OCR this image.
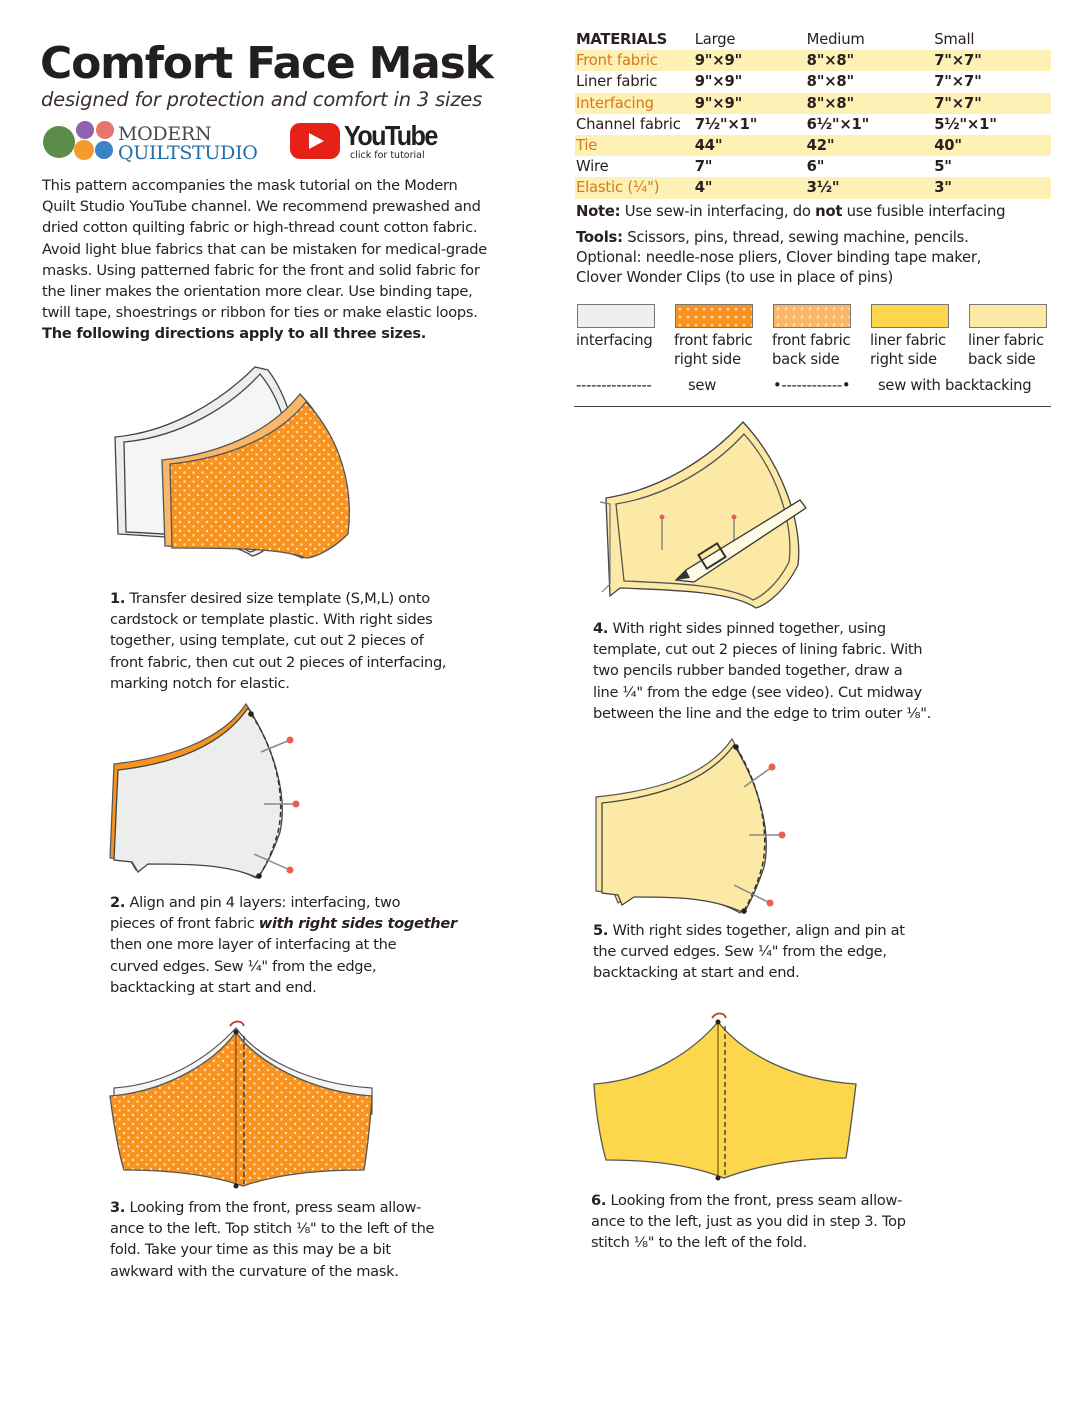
Comfort Face Mask
designed for protection and comfort in 3 sizes
MODERN
QUILTSTUDIO
YouTube
click for tutorial

This pattern accompanies the mask tutorial on the Modern

Quilt Studio YouTube channel. We recommend prewashed and

dried cotton quilting fabric or high-thread count cotton fabric.

Avoid light blue fabrics that can be mistaken for medical-grade

masks. Using patterned fabric for the front and solid fabric for

the liner makes the orientation more clear. Use binding tape,

twill tape, shoestrings or ribbon for ties or make elastic loops.

The following directions apply to all three sizes.

MATERIALS	Large	Medium	Small
Front fabric	9"×9"	8"×8"	7"×7"
Liner fabric	9"×9"	8"×8"	7"×7"
Interfacing	9"×9"	8"×8"	7"×7"
Channel fabric	7½"×1"	6½"×1"	5½"×1"
Tie	44"	42"	40"
Wire	7"	6"	5"
Elastic (¼")	4"	3½"	3"
Note: Use sew-in interfacing, do not use fusible interfacing

Tools: Scissors, pins, thread, sewing machine, pencils.

Optional: needle-nose pliers, Clover binding tape maker,

Clover Wonder Clips (to use in place of pins)

interfacing front fabric
right side
front fabric
back side
liner fabric
right side
liner fabric
back side
--------------- sew	•------------• sew with backtacking

1. Transfer desired size template (S,M,L) onto

cardstock or template plastic. With right sides

together, using template, cut out 2 pieces of

front fabric, then cut out 2 pieces of interfacing,

marking notch for elastic.

2. Align and pin 4 layers: interfacing, two

pieces of front fabric with right sides together

then one more layer of interfacing at the

curved edges. Sew ¼" from the edge,

backtacking at start and end.

3. Looking from the front, press seam allow-

ance to the left. Top stitch ⅛" to the left of the

fold. Take your time as this may be a bit

awkward with the curvature of the mask.

4. With right sides pinned together, using

template, cut out 2 pieces of lining fabric. With

two pencils rubber banded together, draw a

line ¼" from the edge (see video). Cut midway

between the line and the edge to trim outer ⅛".

5. With right sides together, align and pin at

the curved edges. Sew ¼" from the edge,

backtacking at start and end.

6. Looking from the front, press seam allow-

ance to the left, just as you did in step 3. Top

stitch ⅛" to the left of the fold.
